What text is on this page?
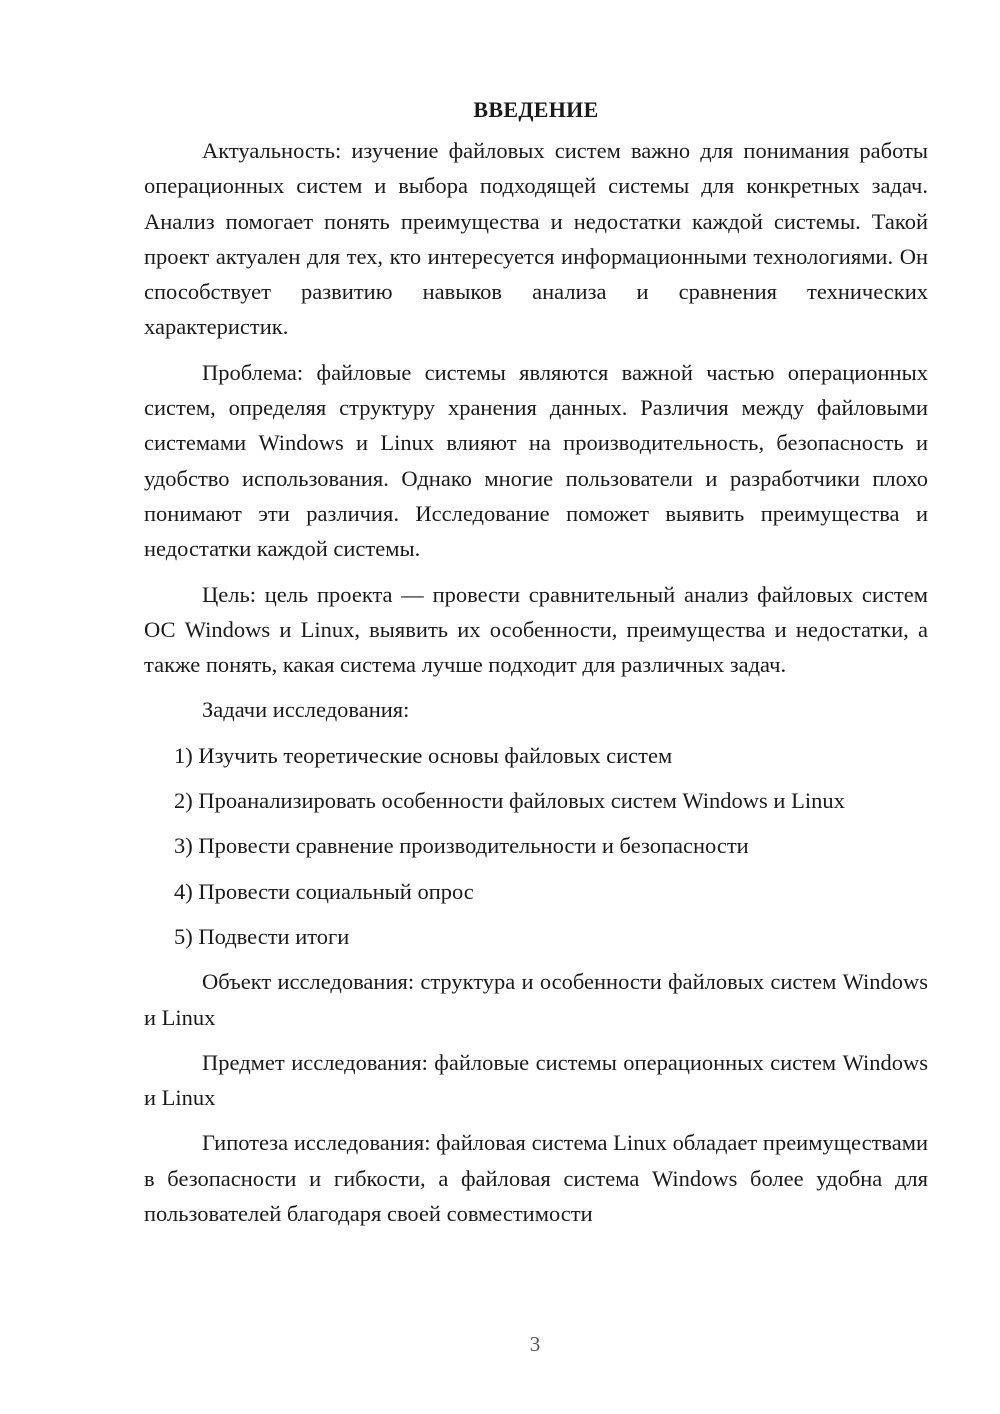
ВВЕДЕНИЕ

Актуальность: изучение файловых систем важно для понимания работы операционных систем и выбора подходящей системы для конкретных задач. Анализ помогает понять преимущества и недостатки каждой системы. Такой проект актуален для тех, кто интересуется информационными технологиями. Он способствует развитию навыков анализа и сравнения технических характеристик.

Проблема: файловые системы являются важной частью операционных систем, определяя структуру хранения данных. Различия между файловыми системами Windows и Linux влияют на производительность, безопасность и удобство использования. Однако многие пользователи и разработчики плохо понимают эти различия. Исследование поможет выявить преимущества и недостатки каждой системы.

Цель: цель проекта — провести сравнительный анализ файловых систем ОС Windows и Linux, выявить их особенности, преимущества и недостатки, а также понять, какая система лучше подходит для различных задач.

Задачи исследования:

1) Изучить теоретические основы файловых систем
2) Проанализировать особенности файловых систем Windows и Linux
3) Провести сравнение производительности и безопасности
4) Провести социальный опрос
5) Подвести итоги

Объект исследования: структура и особенности файловых систем Windows и Linux

Предмет исследования: файловые системы операционных систем Windows и Linux

Гипотеза исследования: файловая система Linux обладает преимуществами в безопасности и гибкости, а файловая система Windows более удобна для пользователей благодаря своей совместимости

3
